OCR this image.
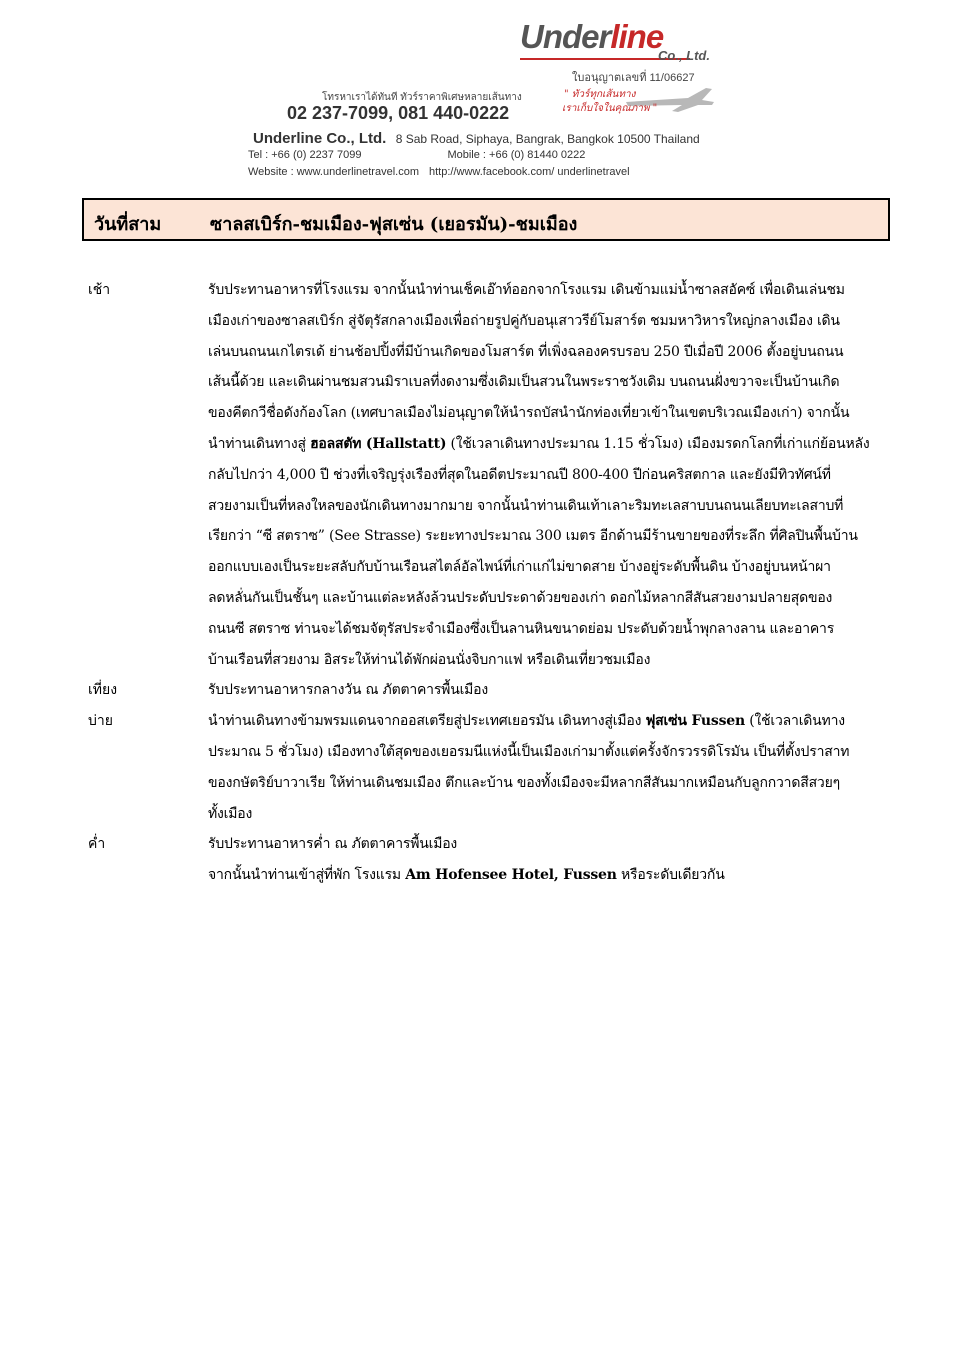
Underline
Co., Ltd.
ใบอนุญาตเลขที่ 11/06627
โทรหาเราได้ทันที ทัวร์ราคาพิเศษหลายเส้นทาง	" ทัวร์ทุกเส้นทาง
เราเก็บใจในคุณภาพ "
02 237-7099, 081 440-0222
Underline Co., Ltd. 8 Sab Road, Siphaya, Bangrak, Bangkok 10500 Thailand
Tel : +66 (0) 2237 7099	Mobile : +66 (0) 81440 0222
Website : www.underlinetravel.com http://www.facebook.com/ underlinetravel
วันที่สาม	ซาลสเบิร์ก-ชมเมือง-ฟุสเซ่น (เยอรมัน)-ชมเมือง
เช้า	รับประทานอาหารที่โรงแรม จากนั้นนำท่านเช็คเอ๊าท์ออกจากโรงแรม เดินข้ามแม่น้ำซาลสอัคซ์ เพื่อเดินเล่นชม
เมืองเก่าของซาลสเบิร์ก สู่จัตุรัสกลางเมืองเพื่อถ่ายรูปคู่กับอนุเสาวรีย์โมสาร์ต ชมมหาวิหารใหญ่กลางเมือง เดิน
เล่นบนถนนเกไตรเด้ ย่านช้อปปิ้งที่มีบ้านเกิดของโมสาร์ต ที่เพิ่งฉลองครบรอบ 250 ปีเมื่อปี 2006 ตั้งอยู่บนถนน
เส้นนี้ด้วย และเดินผ่านชมสวนมิราเบลที่งดงามซึ่งเดิมเป็นสวนในพระราชวังเดิม บนถนนฝั่งขวาจะเป็นบ้านเกิด
ของคีตกวีชื่อดังก้องโลก (เทศบาลเมืองไม่อนุญาตให้นำรถบัสนำนักท่องเที่ยวเข้าในเขตบริเวณเมืองเก่า) จากนั้น
นำท่านเดินทางสู่ ฮอลสตัท (Hallstatt) (ใช้เวลาเดินทางประมาณ 1.15 ชั่วโมง) เมืองมรดกโลกที่เก่าแก่ย้อนหลัง
กลับไปกว่า 4,000 ปี ช่วงที่เจริญรุ่งเรืองที่สุดในอดีตประมาณปี 800-400 ปีก่อนคริสตกาล และยังมีทิวทัศน์ที่
สวยงามเป็นที่หลงใหลของนักเดินทางมากมาย จากนั้นนำท่านเดินเท้าเลาะริมทะเลสาบบนถนนเลียบทะเลสาบที่
เรียกว่า “ซี สตราซ” (See Strasse) ระยะทางประมาณ 300 เมตร อีกด้านมีร้านขายของที่ระลึก ที่ศิลปินพื้นบ้าน
ออกแบบเองเป็นระยะสลับกับบ้านเรือนสไตล์อัลไพน์ที่เก่าแก่ไม่ขาดสาย บ้างอยู่ระดับพื้นดิน บ้างอยู่บนหน้าผา
ลดหลั่นกันเป็นชั้นๆ และบ้านแต่ละหลังล้วนประดับประดาด้วยของเก่า ดอกไม้หลากสีสันสวยงามปลายสุดของ
ถนนซี สตราซ ท่านจะได้ชมจัตุรัสประจำเมืองซึ่งเป็นลานหินขนาดย่อม ประดับด้วยน้ำพุกลางลาน และอาคาร
บ้านเรือนที่สวยงาม อิสระให้ท่านได้พักผ่อนนั่งจิบกาแฟ หรือเดินเที่ยวชมเมือง
เที่ยง	รับประทานอาหารกลางวัน ณ ภัตตาคารพื้นเมือง
บ่าย	นำท่านเดินทางข้ามพรมแดนจากออสเตรียสู่ประเทศเยอรมัน เดินทางสู่เมือง ฟุสเซ่น Fussen (ใช้เวลาเดินทาง
ประมาณ 5 ชั่วโมง) เมืองทางใต้สุดของเยอรมนีแห่งนี้เป็นเมืองเก่ามาตั้งแต่ครั้งจักรวรรดิโรมัน เป็นที่ตั้งปราสาท
ของกษัตริย์บาวาเรีย ให้ท่านเดินชมเมือง ตึกและบ้าน ของทั้งเมืองจะมีหลากสีสันมากเหมือนกับลูกกวาดสีสวยๆ
ทั้งเมือง
ค่ำ	รับประทานอาหารค่ำ ณ ภัตตาคารพื้นเมือง
จากนั้นนำท่านเข้าสู่ที่พัก โรงแรม Am Hofensee Hotel, Fussen หรือระดับเดียวกัน
